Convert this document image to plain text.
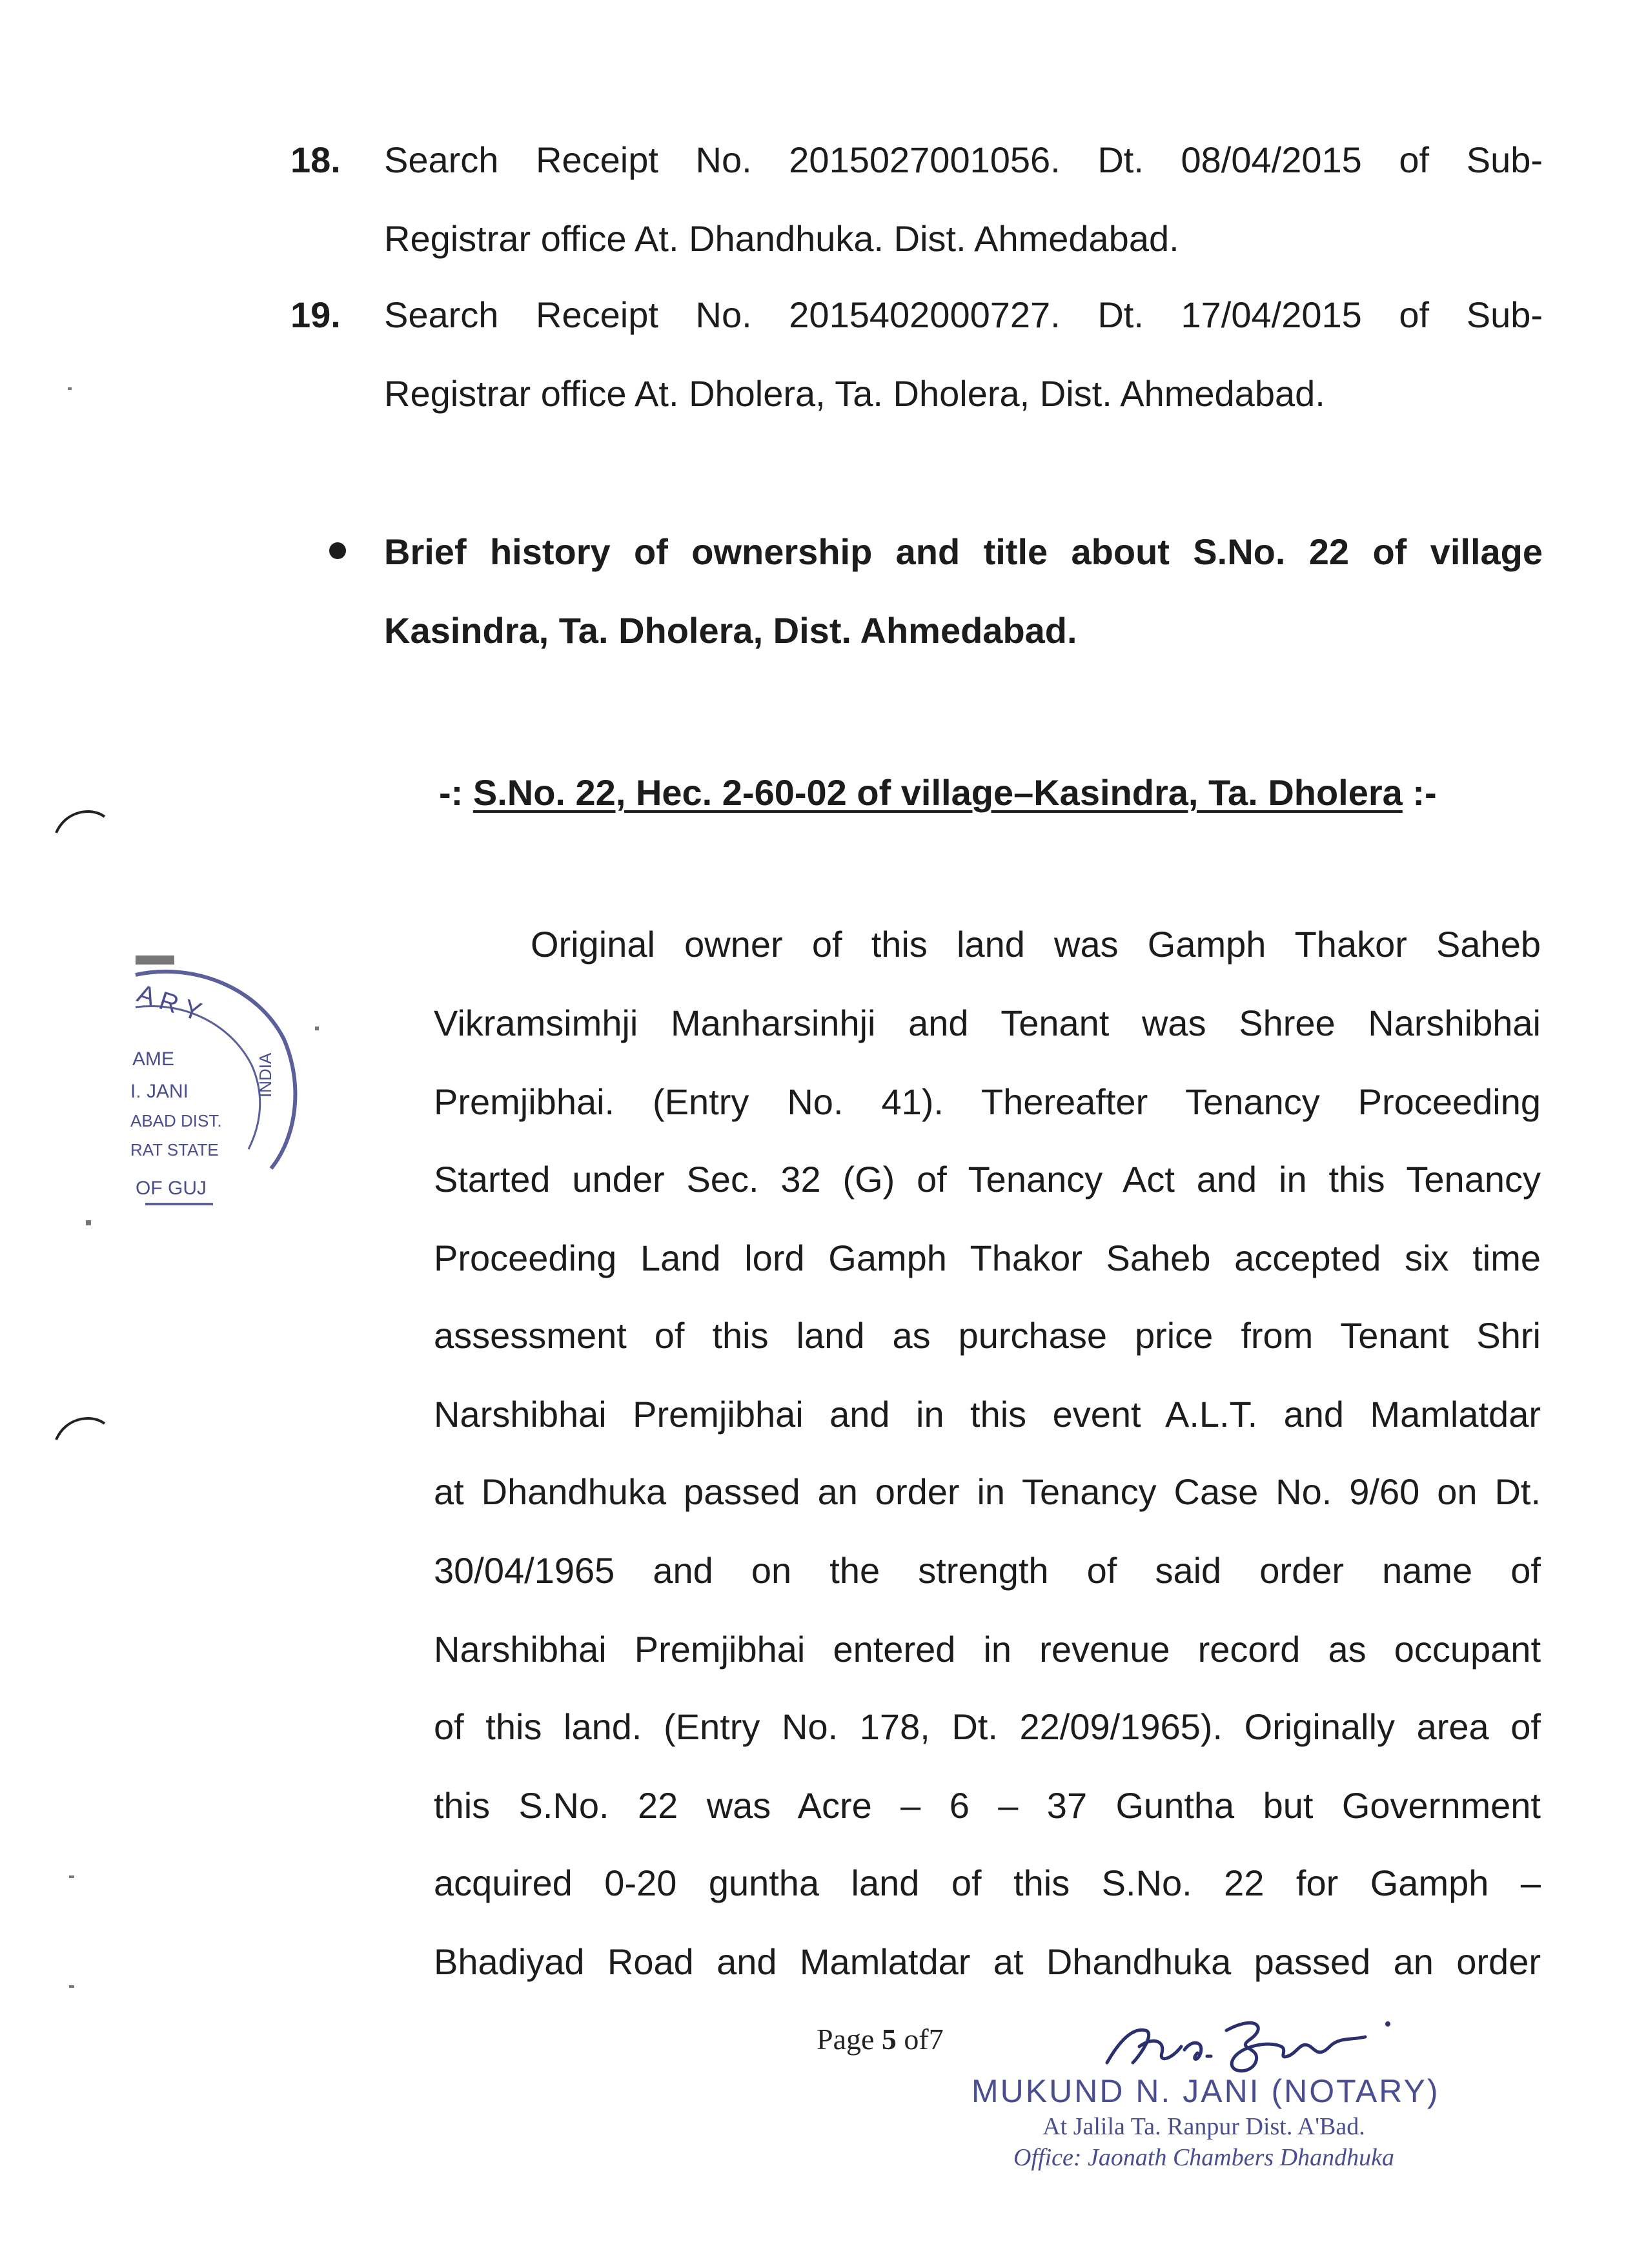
18. Search Receipt No. 2015027001056. Dt. 08/04/2015 of Sub-
Registrar office At. Dhandhuka. Dist. Ahmedabad.
19. Search Receipt No. 2015402000727. Dt. 17/04/2015 of Sub-
Registrar office At. Dholera, Ta. Dholera, Dist. Ahmedabad.
Brief history of ownership and title about S.No. 22 of village
Kasindra, Ta. Dholera, Dist. Ahmedabad.
-: S.No. 22, Hec. 2-60-02 of village–Kasindra, Ta. Dholera :-
Original owner of this land was Gamph Thakor Saheb
Vikramsimhji Manharsinhji and Tenant was Shree Narshibhai
Premjibhai. (Entry No. 41). Thereafter Tenancy Proceeding
Started under Sec. 32 (G) of Tenancy Act and in this Tenancy
Proceeding Land lord Gamph Thakor Saheb accepted six time
assessment of this land as purchase price from Tenant Shri
Narshibhai Premjibhai and in this event A.L.T. and Mamlatdar
at Dhandhuka passed an order in Tenancy Case No. 9/60 on Dt.
30/04/1965 and on the strength of said order name of
Narshibhai Premjibhai entered in revenue record as occupant
of this land. (Entry No. 178, Dt. 22/09/1965). Originally area of
this S.No. 22 was Acre – 6 – 37 Guntha but Government
acquired 0-20 guntha land of this S.No. 22 for Gamph –
Bhadiyad Road and Mamlatdar at Dhandhuka passed an order
Page 5 of7
MUKUND N. JANI (NOTARY)
At Jalila Ta. Ranpur Dist. A'Bad.
Office: Jaonath Chambers Dhandhuka
A R Y
AME
I. JANI
ABAD DIST.
RAT STATE
OF GUJ
INDIA
